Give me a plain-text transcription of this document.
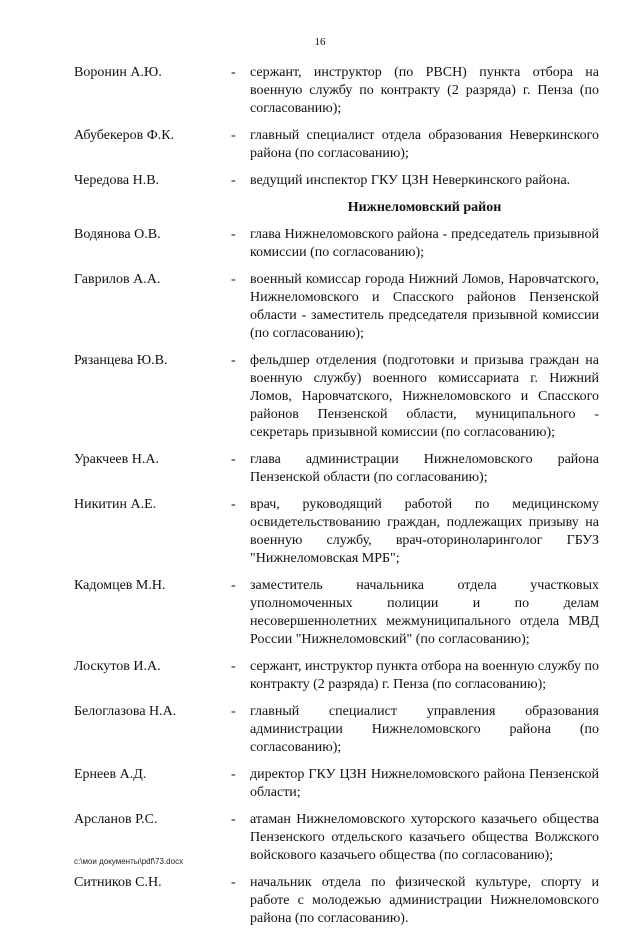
16
Воронин А.Ю.	-	сержант, инструктор (по РВСН) пункта отбора на военную службу по контракту (2 разряда) г. Пенза (по согласованию);
Абубекеров Ф.К.	-	главный специалист отдела образования Неверкинского района (по согласованию);
Чередова Н.В.	-	ведущий инспектор ГКУ ЦЗН Неверкинского района.
Нижнеломовский район
Водянова О.В.	-	глава Нижнеломовского района - председатель призывной комиссии (по согласованию);
Гаврилов А.А.	-	военный комиссар города Нижний Ломов, Наровчатского, Нижнеломовского и Спасского районов Пензенской области - заместитель председателя призывной комиссии (по согласованию);
Рязанцева Ю.В.	-	фельдшер отделения (подготовки и призыва граждан на военную службу) военного комиссариата г. Нижний Ломов, Наровчатского, Нижнеломовского и Спасского районов Пензенской области, муниципального - секретарь призывной комиссии (по согласованию);
Уракчеев Н.А.	-	глава администрации Нижнеломовского района Пензенской области (по согласованию);
Никитин А.Е.	-	врач, руководящий работой по медицинскому освидетельствованию граждан, подлежащих призыву на военную службу, врач-оториноларинголог ГБУЗ "Нижнеломовская МРБ";
Кадомцев М.Н.	-	заместитель начальника отдела участковых уполномоченных полиции и по делам несовершеннолетних межмуниципального отдела МВД России "Нижнеломовский" (по согласованию);
Лоскутов И.А.	-	сержант, инструктор пункта отбора на военную службу по контракту (2 разряда) г. Пенза (по согласованию);
Белоглазова Н.А.	-	главный специалист управления образования администрации Нижнеломовского района (по согласованию);
Ернеев А.Д.	-	директор ГКУ ЦЗН Нижнеломовского района Пензенской области;
Арсланов Р.С.	-	атаман Нижнеломовского хуторского казачьего общества Пензенского отдельского казачьего общества Волжского войскового казачьего общества (по согласованию);
Ситников С.Н.	-	начальник отдела по физической культуре, спорту и работе с молодежью администрации Нижнеломовского района (по согласованию).
c:\мои документы\pdf\73.docx
